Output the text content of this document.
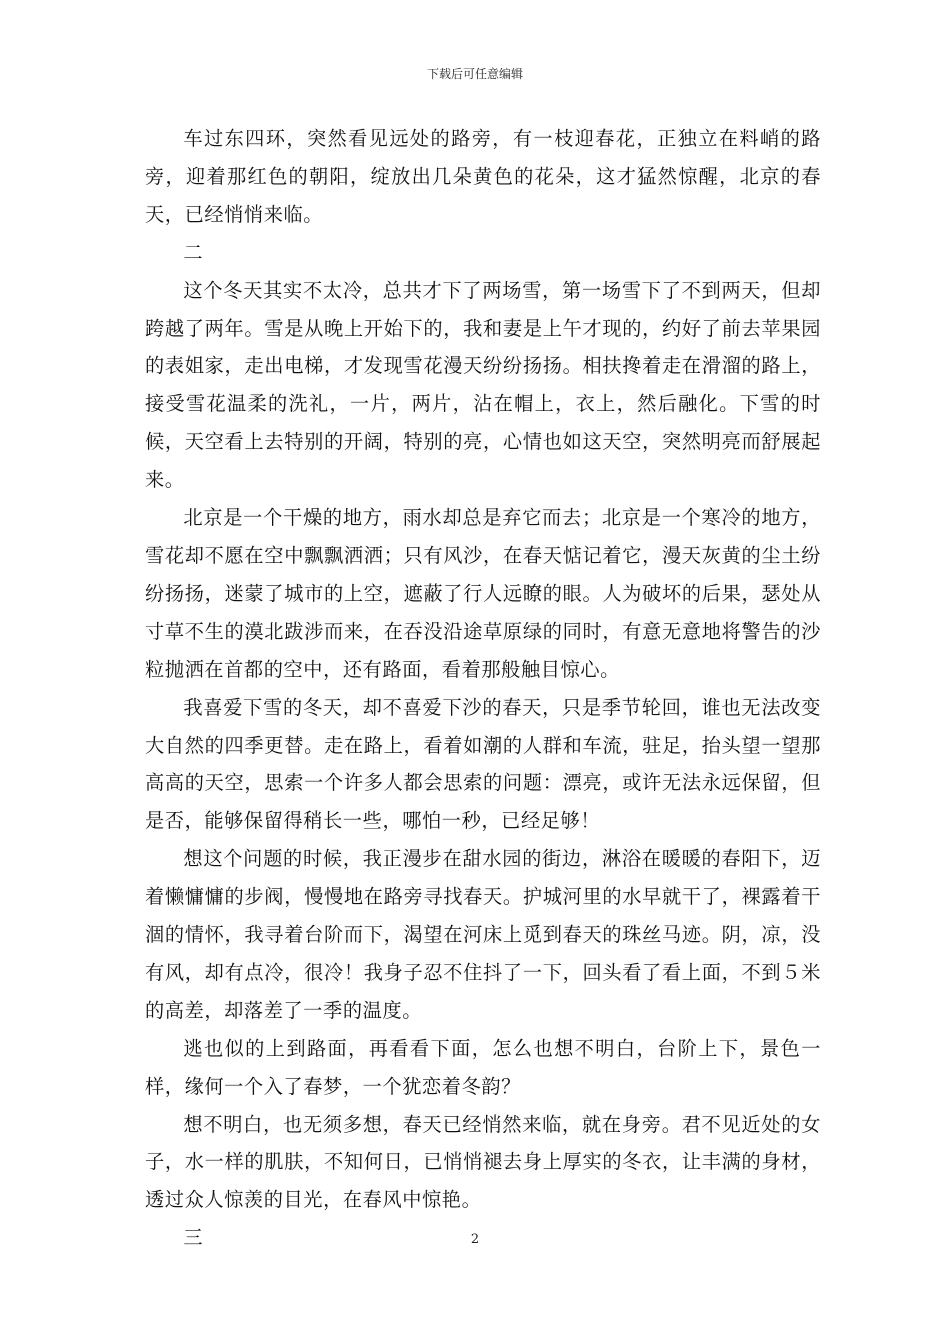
下载后可任意编辑

车过东四环，突然看见远处的路旁，有一枝迎春花，正独立在料峭的路旁，迎着那红色的朝阳，绽放出几朵黄色的花朵，这才猛然惊醒，北京的春天，已经悄悄来临。

二

这个冬天其实不太冷，总共才下了两场雪，第一场雪下了不到两天，但却跨越了两年。雪是从晚上开始下的，我和妻是上午才现的，约好了前去苹果园的表姐家，走出电梯，才发现雪花漫天纷纷扬扬。相扶搀着走在滑溜的路上，接受雪花温柔的洗礼，一片，两片，沾在帽上，衣上，然后融化。下雪的时候，天空看上去特别的开阔，特别的亮，心情也如这天空，突然明亮而舒展起来。

北京是一个干燥的地方，雨水却总是弃它而去；北京是一个寒冷的地方，雪花却不愿在空中飘飘洒洒；只有风沙，在春天惦记着它，漫天灰黄的尘土纷纷扬扬，迷蒙了城市的上空，遮蔽了行人远瞭的眼。人为破坏的后果，瑟处从寸草不生的漠北跋涉而来，在吞没沿途草原绿的同时，有意无意地将警告的沙粒抛洒在首都的空中，还有路面，看着那般触目惊心。

我喜爱下雪的冬天，却不喜爱下沙的春天，只是季节轮回，谁也无法改变大自然的四季更替。走在路上，看着如潮的人群和车流，驻足，抬头望一望那高高的天空，思索一个许多人都会思索的问题：漂亮，或许无法永远保留，但是否，能够保留得稍长一些，哪怕一秒，已经足够！

想这个问题的时候，我正漫步在甜水园的街边，淋浴在暖暖的春阳下，迈着懒慵慵的步阀，慢慢地在路旁寻找春天。护城河里的水早就干了，裸露着干涸的情怀，我寻着台阶而下，渴望在河床上觅到春天的珠丝马迹。阴，凉，没有风，却有点冷，很冷！我身子忍不住抖了一下，回头看了看上面，不到５米的高差，却落差了一季的温度。

逃也似的上到路面，再看看下面，怎么也想不明白，台阶上下，景色一样，缘何一个入了春梦，一个犹恋着冬韵？

想不明白，也无须多想，春天已经悄然来临，就在身旁。君不见近处的女子，水一样的肌肤，不知何日，已悄悄褪去身上厚实的冬衣，让丰满的身材，透过众人惊羡的目光，在春风中惊艳。

三	2
